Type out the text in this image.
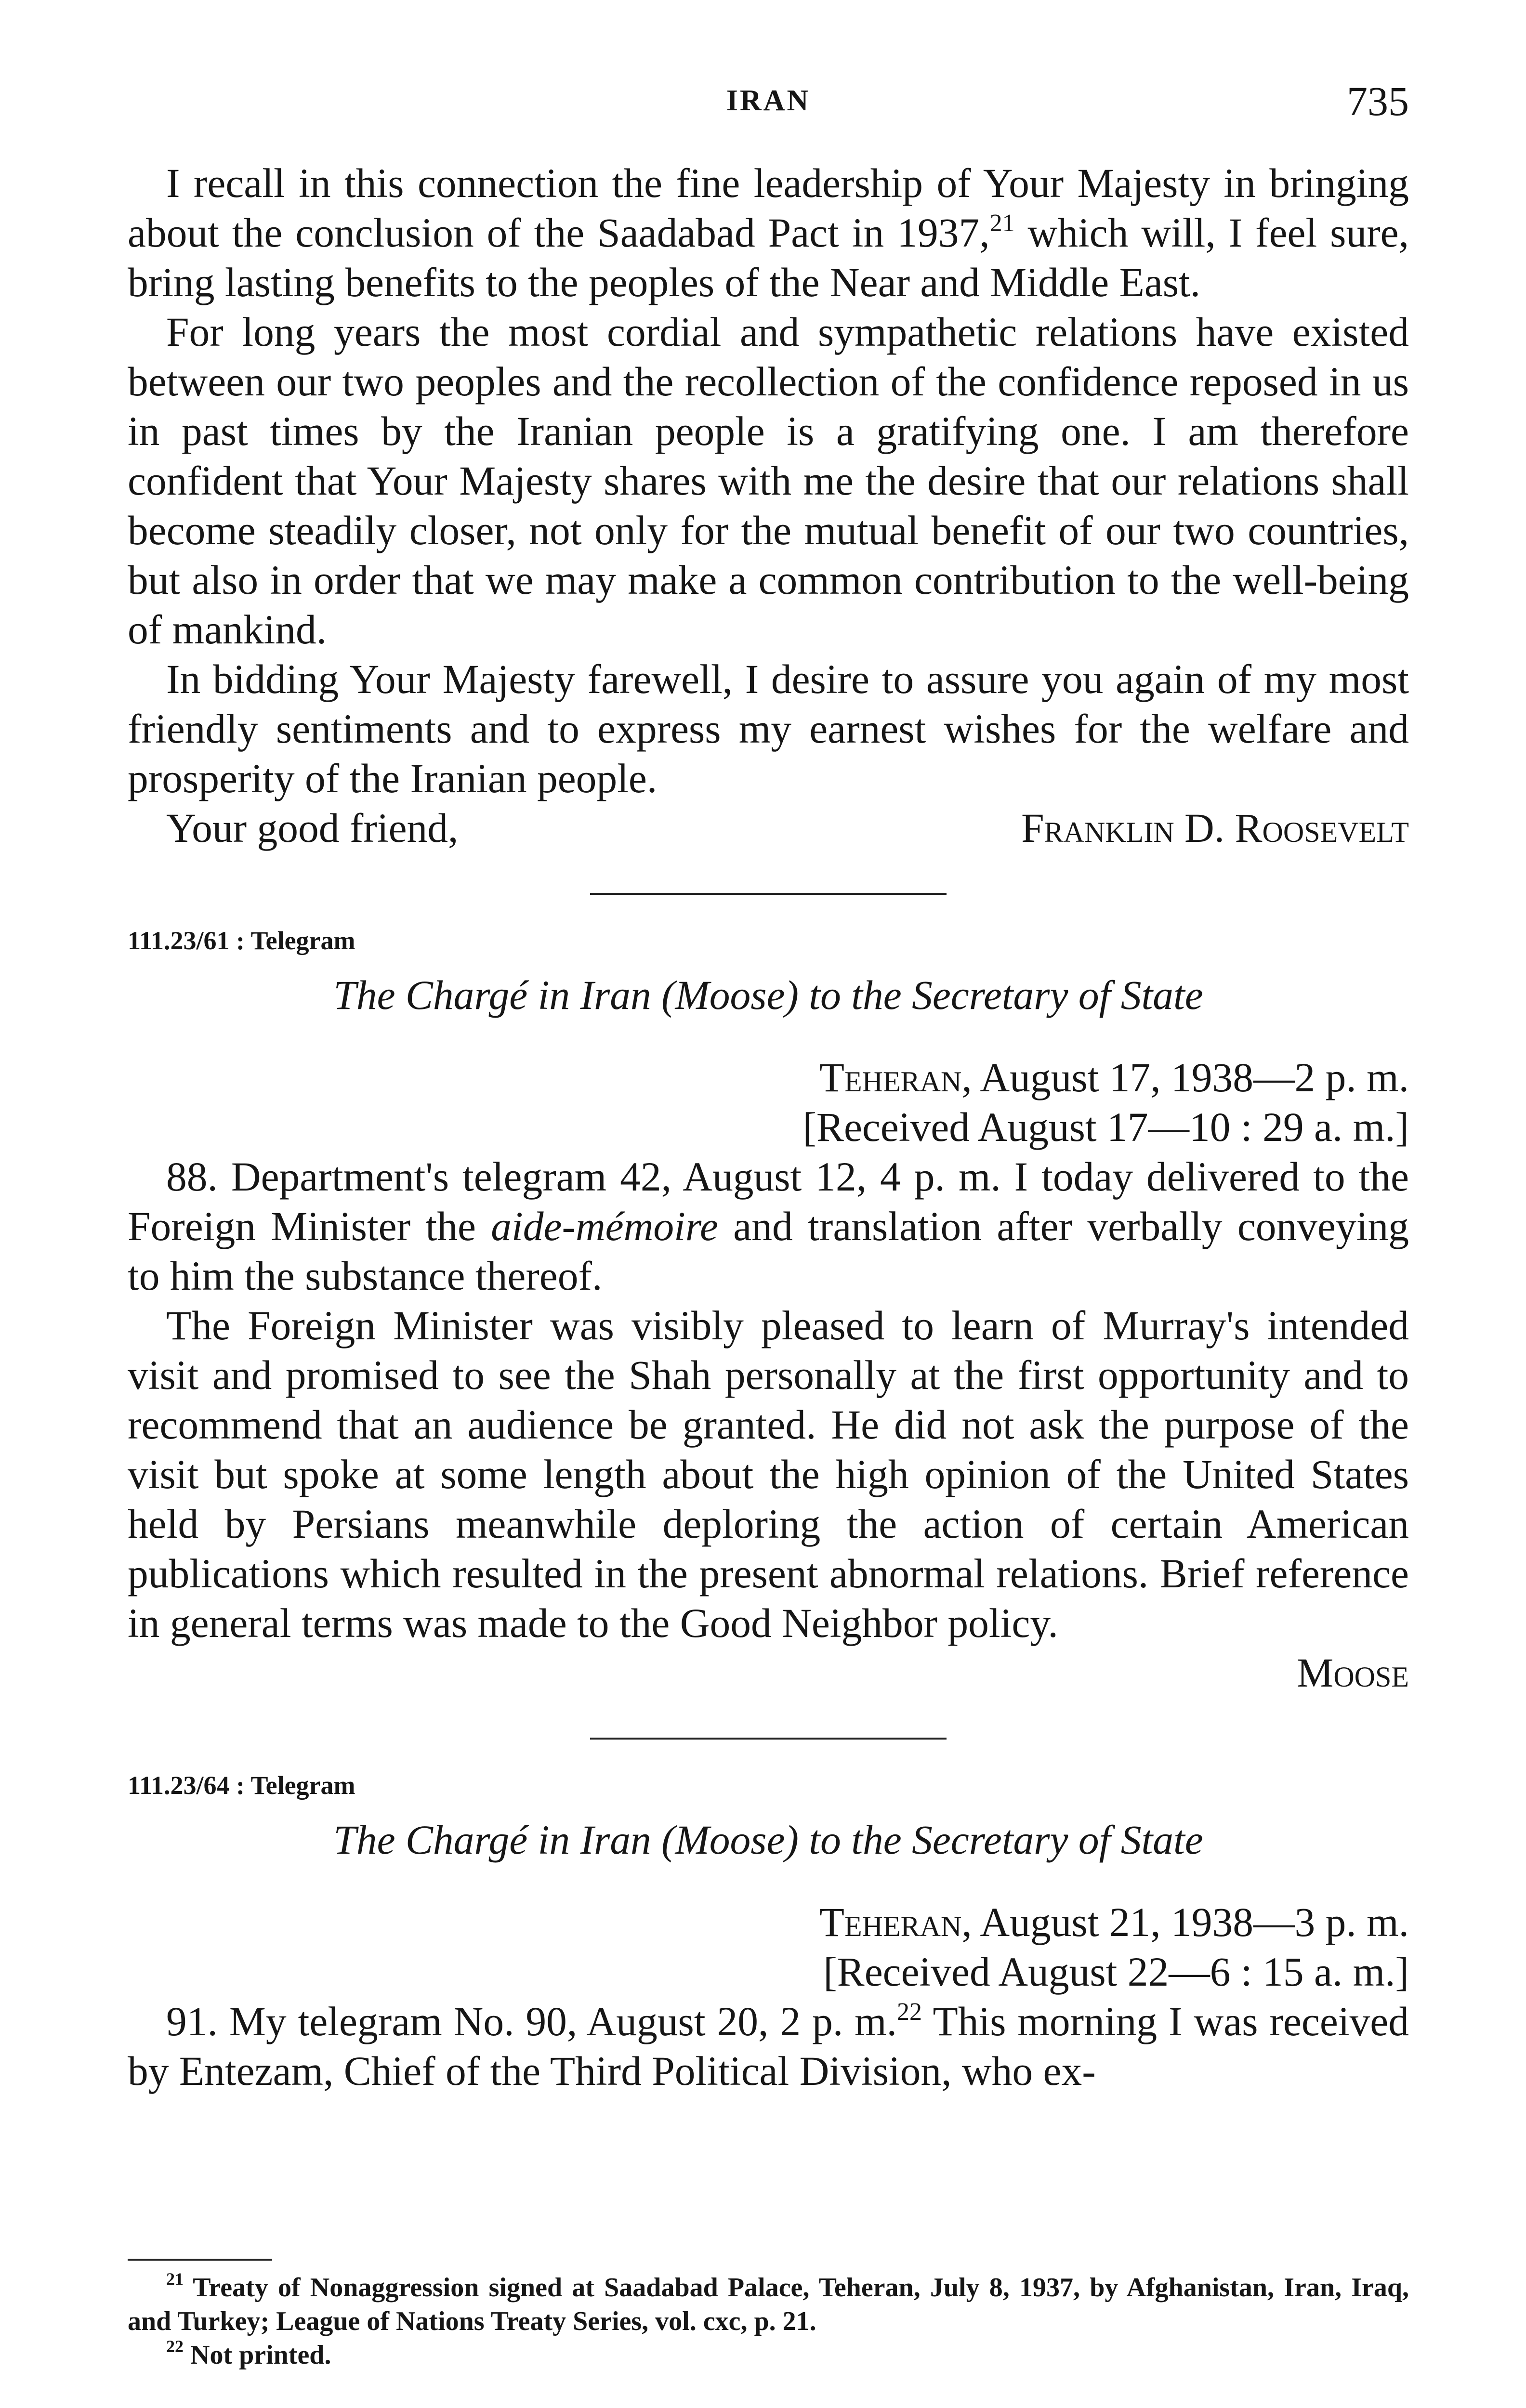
IRAN	735

I recall in this connection the fine leadership of Your Majesty in bringing about the conclusion of the Saadabad Pact in 1937,21 which will, I feel sure, bring lasting benefits to the peoples of the Near and Middle East.

For long years the most cordial and sympathetic relations have existed between our two peoples and the recollection of the confidence reposed in us in past times by the Iranian people is a gratifying one. I am therefore confident that Your Majesty shares with me the desire that our relations shall become steadily closer, not only for the mutual benefit of our two countries, but also in order that we may make a common contribution to the well-being of mankind.

In bidding Your Majesty farewell, I desire to assure you again of my most friendly sentiments and to express my earnest wishes for the welfare and prosperity of the Iranian people.

Your good friend,	Franklin D. Roosevelt
111.23/61 : Telegram
The Chargé in Iran (Moose) to the Secretary of State
Teheran, August 17, 1938—2 p. m.
[Received August 17—10 : 29 a. m.]

88. Department's telegram 42, August 12, 4 p. m. I today delivered to the Foreign Minister the aide-mémoire and translation after verbally conveying to him the substance thereof.

The Foreign Minister was visibly pleased to learn of Murray's intended visit and promised to see the Shah personally at the first opportunity and to recommend that an audience be granted. He did not ask the purpose of the visit but spoke at some length about the high opinion of the United States held by Persians meanwhile deploring the action of certain American publications which resulted in the present abnormal relations. Brief reference in general terms was made to the Good Neighbor policy.

Moose
111.23/64 : Telegram
The Chargé in Iran (Moose) to the Secretary of State
Teheran, August 21, 1938—3 p. m.
[Received August 22—6 : 15 a. m.]

91. My telegram No. 90, August 20, 2 p. m.$^{22}$ This morning I was received by Entezam, Chief of the Third Political Division, who ex-

$^{21}$ Treaty of Nonaggression signed at Saadabad Palace, Teheran, July 8, 1937, by Afghanistan, Iran, Iraq, and Turkey; League of Nations Treaty Series, vol. cxc, p. 21.

$^{22}$ Not printed.
